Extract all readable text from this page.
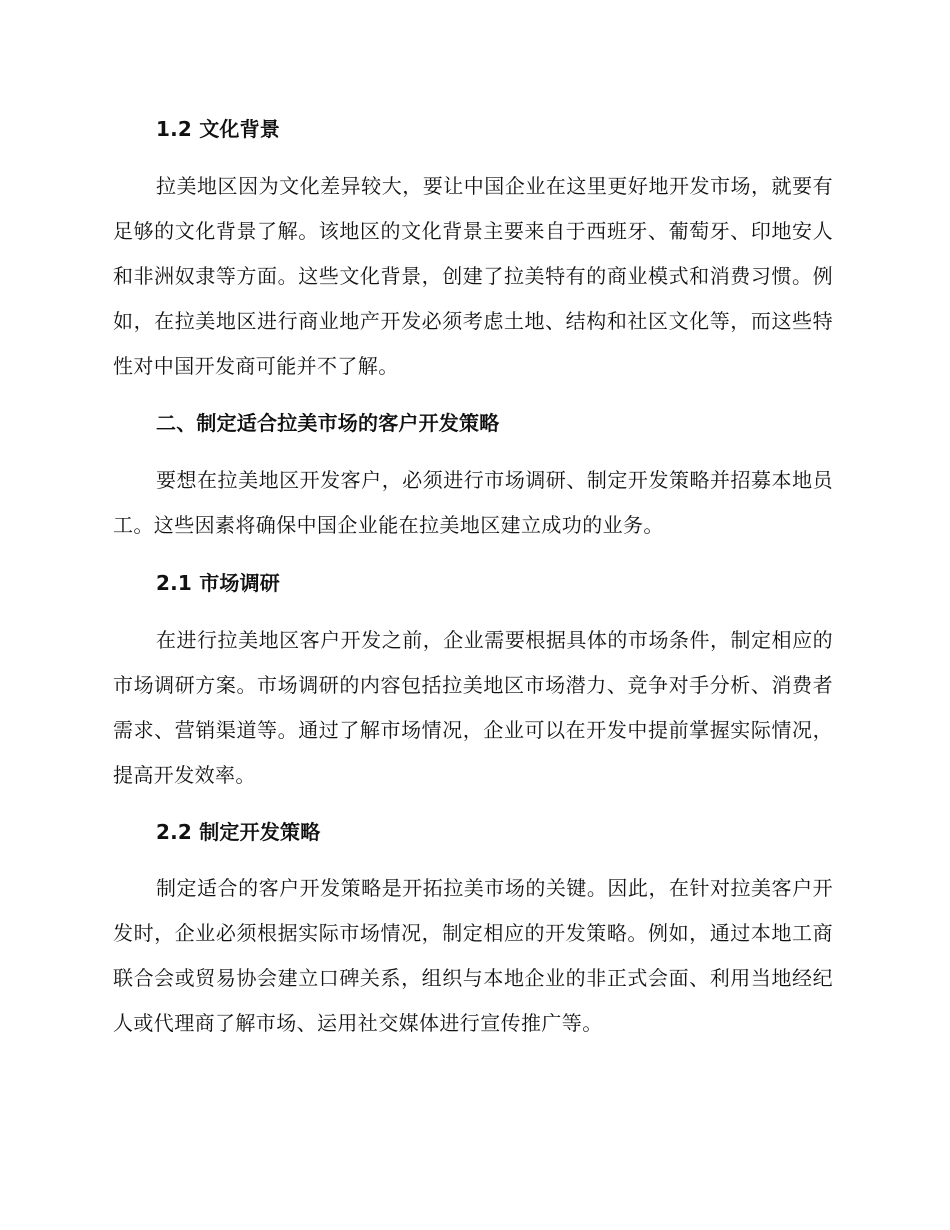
1.2 文化背景

拉美地区因为文化差异较大，要让中国企业在这里更好地开发市场，就要有足够的文化背景了解。该地区的文化背景主要来自于西班牙、葡萄牙、印地安人和非洲奴隶等方面。这些文化背景，创建了拉美特有的商业模式和消费习惯。例如，在拉美地区进行商业地产开发必须考虑土地、结构和社区文化等，而这些特性对中国开发商可能并不了解。

二、制定适合拉美市场的客户开发策略

要想在拉美地区开发客户，必须进行市场调研、制定开发策略并招募本地员工。这些因素将确保中国企业能在拉美地区建立成功的业务。

2.1 市场调研

在进行拉美地区客户开发之前，企业需要根据具体的市场条件，制定相应的市场调研方案。市场调研的内容包括拉美地区市场潜力、竞争对手分析、消费者需求、营销渠道等。通过了解市场情况，企业可以在开发中提前掌握实际情况，提高开发效率。

2.2 制定开发策略

制定适合的客户开发策略是开拓拉美市场的关键。因此，在针对拉美客户开发时，企业必须根据实际市场情况，制定相应的开发策略。例如，通过本地工商联合会或贸易协会建立口碑关系，组织与本地企业的非正式会面、利用当地经纪人或代理商了解市场、运用社交媒体进行宣传推广等。
